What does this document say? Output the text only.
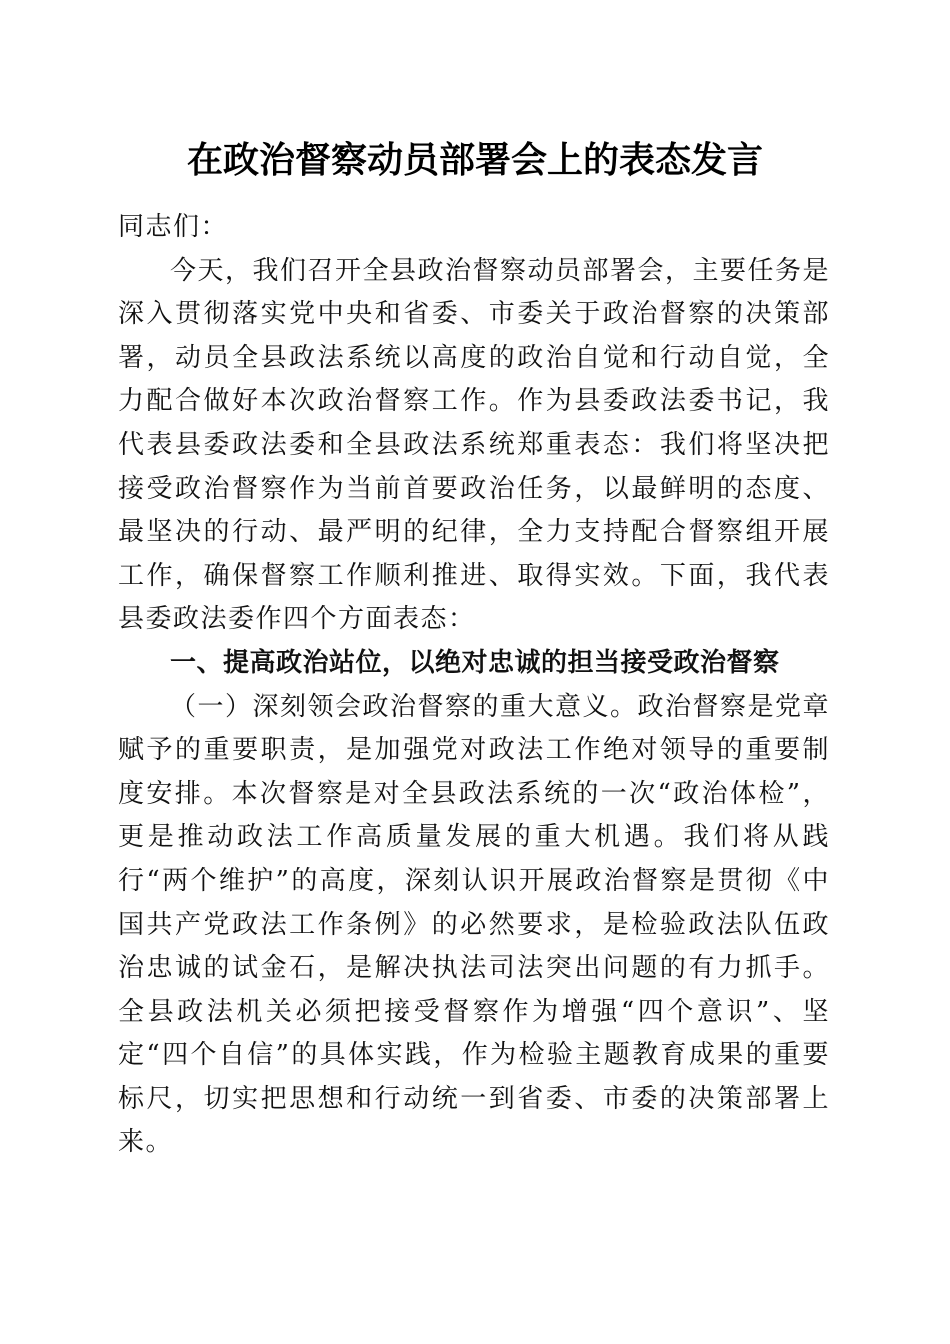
在政治督察动员部署会上的表态发言

同志们：

今天，我们召开全县政治督察动员部署会，主要任务是深入贯彻落实党中央和省委、市委关于政治督察的决策部署，动员全县政法系统以高度的政治自觉和行动自觉，全力配合做好本次政治督察工作。作为县委政法委书记，我代表县委政法委和全县政法系统郑重表态：我们将坚决把接受政治督察作为当前首要政治任务，以最鲜明的态度、最坚决的行动、最严明的纪律，全力支持配合督察组开展工作，确保督察工作顺利推进、取得实效。下面，我代表县委政法委作四个方面表态：

一、提高政治站位，以绝对忠诚的担当接受政治督察

（一）深刻领会政治督察的重大意义。政治督察是党章赋予的重要职责，是加强党对政法工作绝对领导的重要制度安排。本次督察是对全县政法系统的一次“政治体检”，更是推动政法工作高质量发展的重大机遇。我们将从践行“两个维护”的高度，深刻认识开展政治督察是贯彻《中国共产党政法工作条例》的必然要求，是检验政法队伍政治忠诚的试金石，是解决执法司法突出问题的有力抓手。全县政法机关必须把接受督察作为增强“四个意识”、坚定“四个自信”的具体实践，作为检验主题教育成果的重要标尺，切实把思想和行动统一到省委、市委的决策部署上来。
